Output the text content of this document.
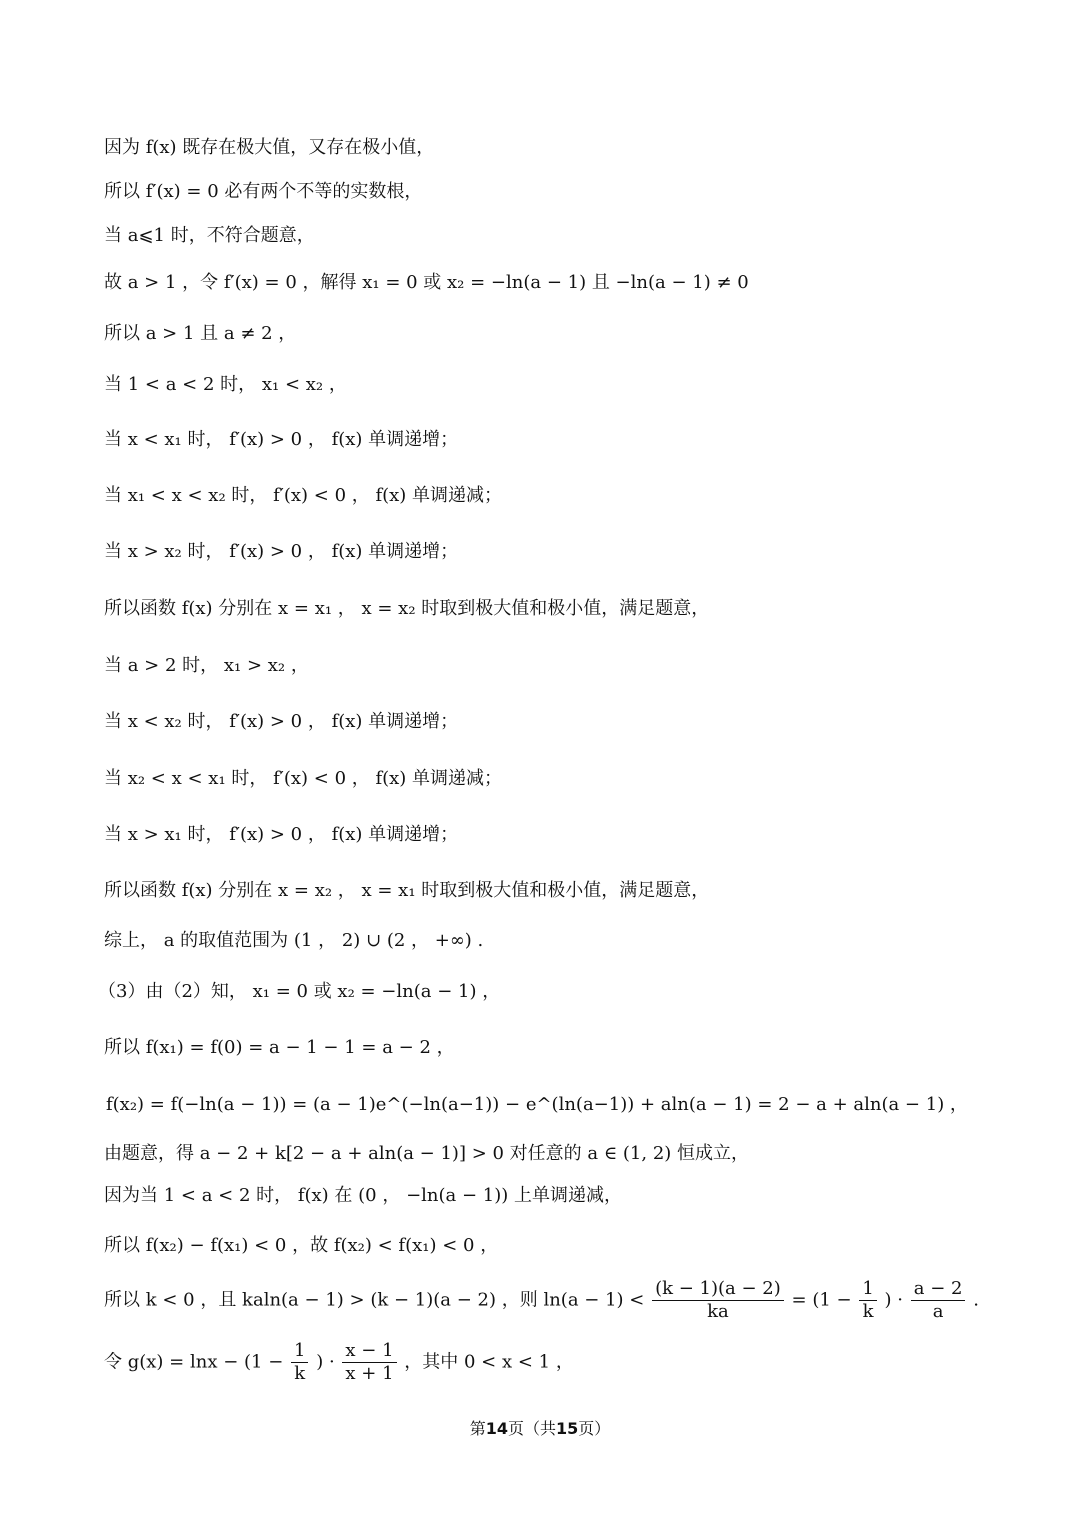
因为 f(x) 既存在极大值，又存在极小值，
所以 f′(x) = 0 必有两个不等的实数根，
当 a⩽1 时，不符合题意，
故 a > 1 ，令 f′(x) = 0 ，解得 x₁ = 0 或 x₂ = −ln(a − 1) 且 −ln(a − 1) ≠ 0
所以 a > 1 且 a ≠ 2 ，
当 1 < a < 2 时， x₁ < x₂ ，
当 x < x₁ 时， f′(x) > 0 ， f(x) 单调递增；
当 x₁ < x < x₂ 时， f′(x) < 0 ， f(x) 单调递减；
当 x > x₂ 时， f′(x) > 0 ， f(x) 单调递增；
所以函数 f(x) 分别在 x = x₁ ， x = x₂ 时取到极大值和极小值，满足题意，
当 a > 2 时， x₁ > x₂ ，
当 x < x₂ 时， f′(x) > 0 ， f(x) 单调递增；
当 x₂ < x < x₁ 时， f′(x) < 0 ， f(x) 单调递减；
当 x > x₁ 时， f′(x) > 0 ， f(x) 单调递增；
所以函数 f(x) 分别在 x = x₂ ， x = x₁ 时取到极大值和极小值，满足题意，
综上， a 的取值范围为 (1 ， 2) ∪ (2 ， +∞) .
（3）由（2）知， x₁ = 0 或 x₂ = −ln(a − 1) ，
所以 f(x₁) = f(0) = a − 1 − 1 = a − 2 ，
f(x₂) = f(−ln(a − 1)) = (a − 1)e^(−ln(a−1)) − e^(ln(a−1)) + aln(a − 1) = 2 − a + aln(a − 1) ，
由题意，得 a − 2 + k[2 − a + aln(a − 1)] > 0 对任意的 a ∈ (1, 2) 恒成立，
因为当 1 < a < 2 时， f(x) 在 (0 ， −ln(a − 1)) 上单调递减，
所以 f(x₂) − f(x₁) < 0 ，故 f(x₂) < f(x₁) < 0 ，
所以 k < 0 ，且 kaln(a − 1) > (k − 1)(a − 2) ，则 $\ln(a - 1) < \frac{(k - 1)(a - 2)}{ka} = (1 - \frac{1}{k}$ ) · $\frac{a - 2}{a}$ .
令 $g(x) = \ln x - (1 - \frac{1}{k}$ ) · $\frac{x - 1}{x + 1}$ ，其中 0 < x < 1 ，
第14页（共15页）
